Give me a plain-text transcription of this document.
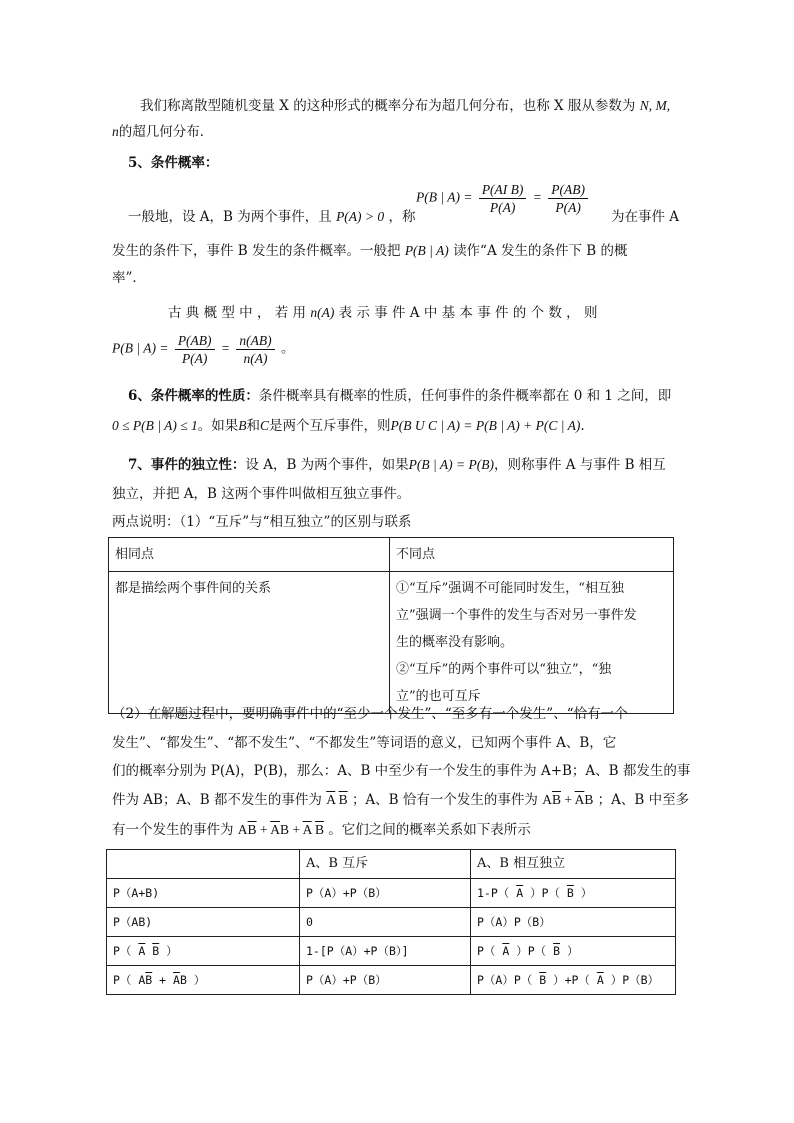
我们称离散型随机变量 X 的这种形式的概率分布为超几何分布，也称 X 服从参数为 N, M,
n的超几何分布．
5、条件概率：
P(B | $A) = \frac{\text{P(AI B)}}{P(A)} = \frac{P(AB)}{P(A)}$
一般地，设 A，B 为两个事件，且 P(A) > 0 ，称	为在事件 A
发生的条件下，事件 B 发生的条件概率。一般把 P(B | A) 读作“A 发生的条件下 B 的概
率”．
古 典 概 型 中 ， 若 用 n(A) 表 示 事 件 A 中 基 本 事 件 的 个 数 ， 则
P(B | $A) = \frac{P(AB)}{P(A)} = \frac{n(AB)}{n(A)}$ 。
6、条件概率的性质：条件概率具有概率的性质，任何事件的条件概率都在 0 和 1 之间，即
0 ≤ P(B | A) ≤ 1。如果B和C是两个互斥事件，则P(B U C | A) = P(B | A) + P(C | A).
7、事件的独立性：设 A，B 为两个事件，如果P(B | A) = P(B)，则称事件 A 与事件 B 相互
独立，并把 A，B 这两个事件叫做相互独立事件。
两点说明：（1）“互斥”与“相互独立”的区别与联系
相同点	不同点
都是描绘两个事件间的关系	①“互斥”强调不可能同时发生，“相互独
立”强调一个事件的发生与否对另一事件发
生的概率没有影响。
②“互斥”的两个事件可以“独立”，“独
立”的也可互斥
（2）在解题过程中，要明确事件中的“至少一个发生”、“至多有一个发生”、“恰有一个
发生”、“都发生”、“都不发生”、“不都发生”等词语的意义，已知两个事件 A、B，它
们的概率分别为 P(A)，P(B)，那么：A、B 中至少有一个发生的事件为 A+B；A、B 都发生的事
件为 AB；A、B 都不发生的事件为 $\overline{A}$ $\overline{B}$ ；A、B 恰有一个发生的事件为 $A\overline{B} + \overline{A}B$ ；A、B 中至多
有一个发生的事件为 $A\overline{B} + \overline{A}B + \overline{A}$ $\overline{B}$ 。它们之间的概率关系如下表所示
	A、B 互斥	A、B 相互独立
P（A+B)	P（A）+P（B）	1-P（ $\overline{A}$ ）P（ $\overline{B}$ ）
P（AB)	0	P（A）P（B）
P（ $\overline{A}$ $\overline{B}$ ）	1-[P（A）+P（B）]	P（ $\overline{A}$ ）P（ $\overline{B}$ ）
P（ $A\overline{B} + \overline{A}B$ ）	P（A）+P（B）	P（A）P（ $\overline{B}$ ）+P（ $\overline{A}$ ）P（B）
